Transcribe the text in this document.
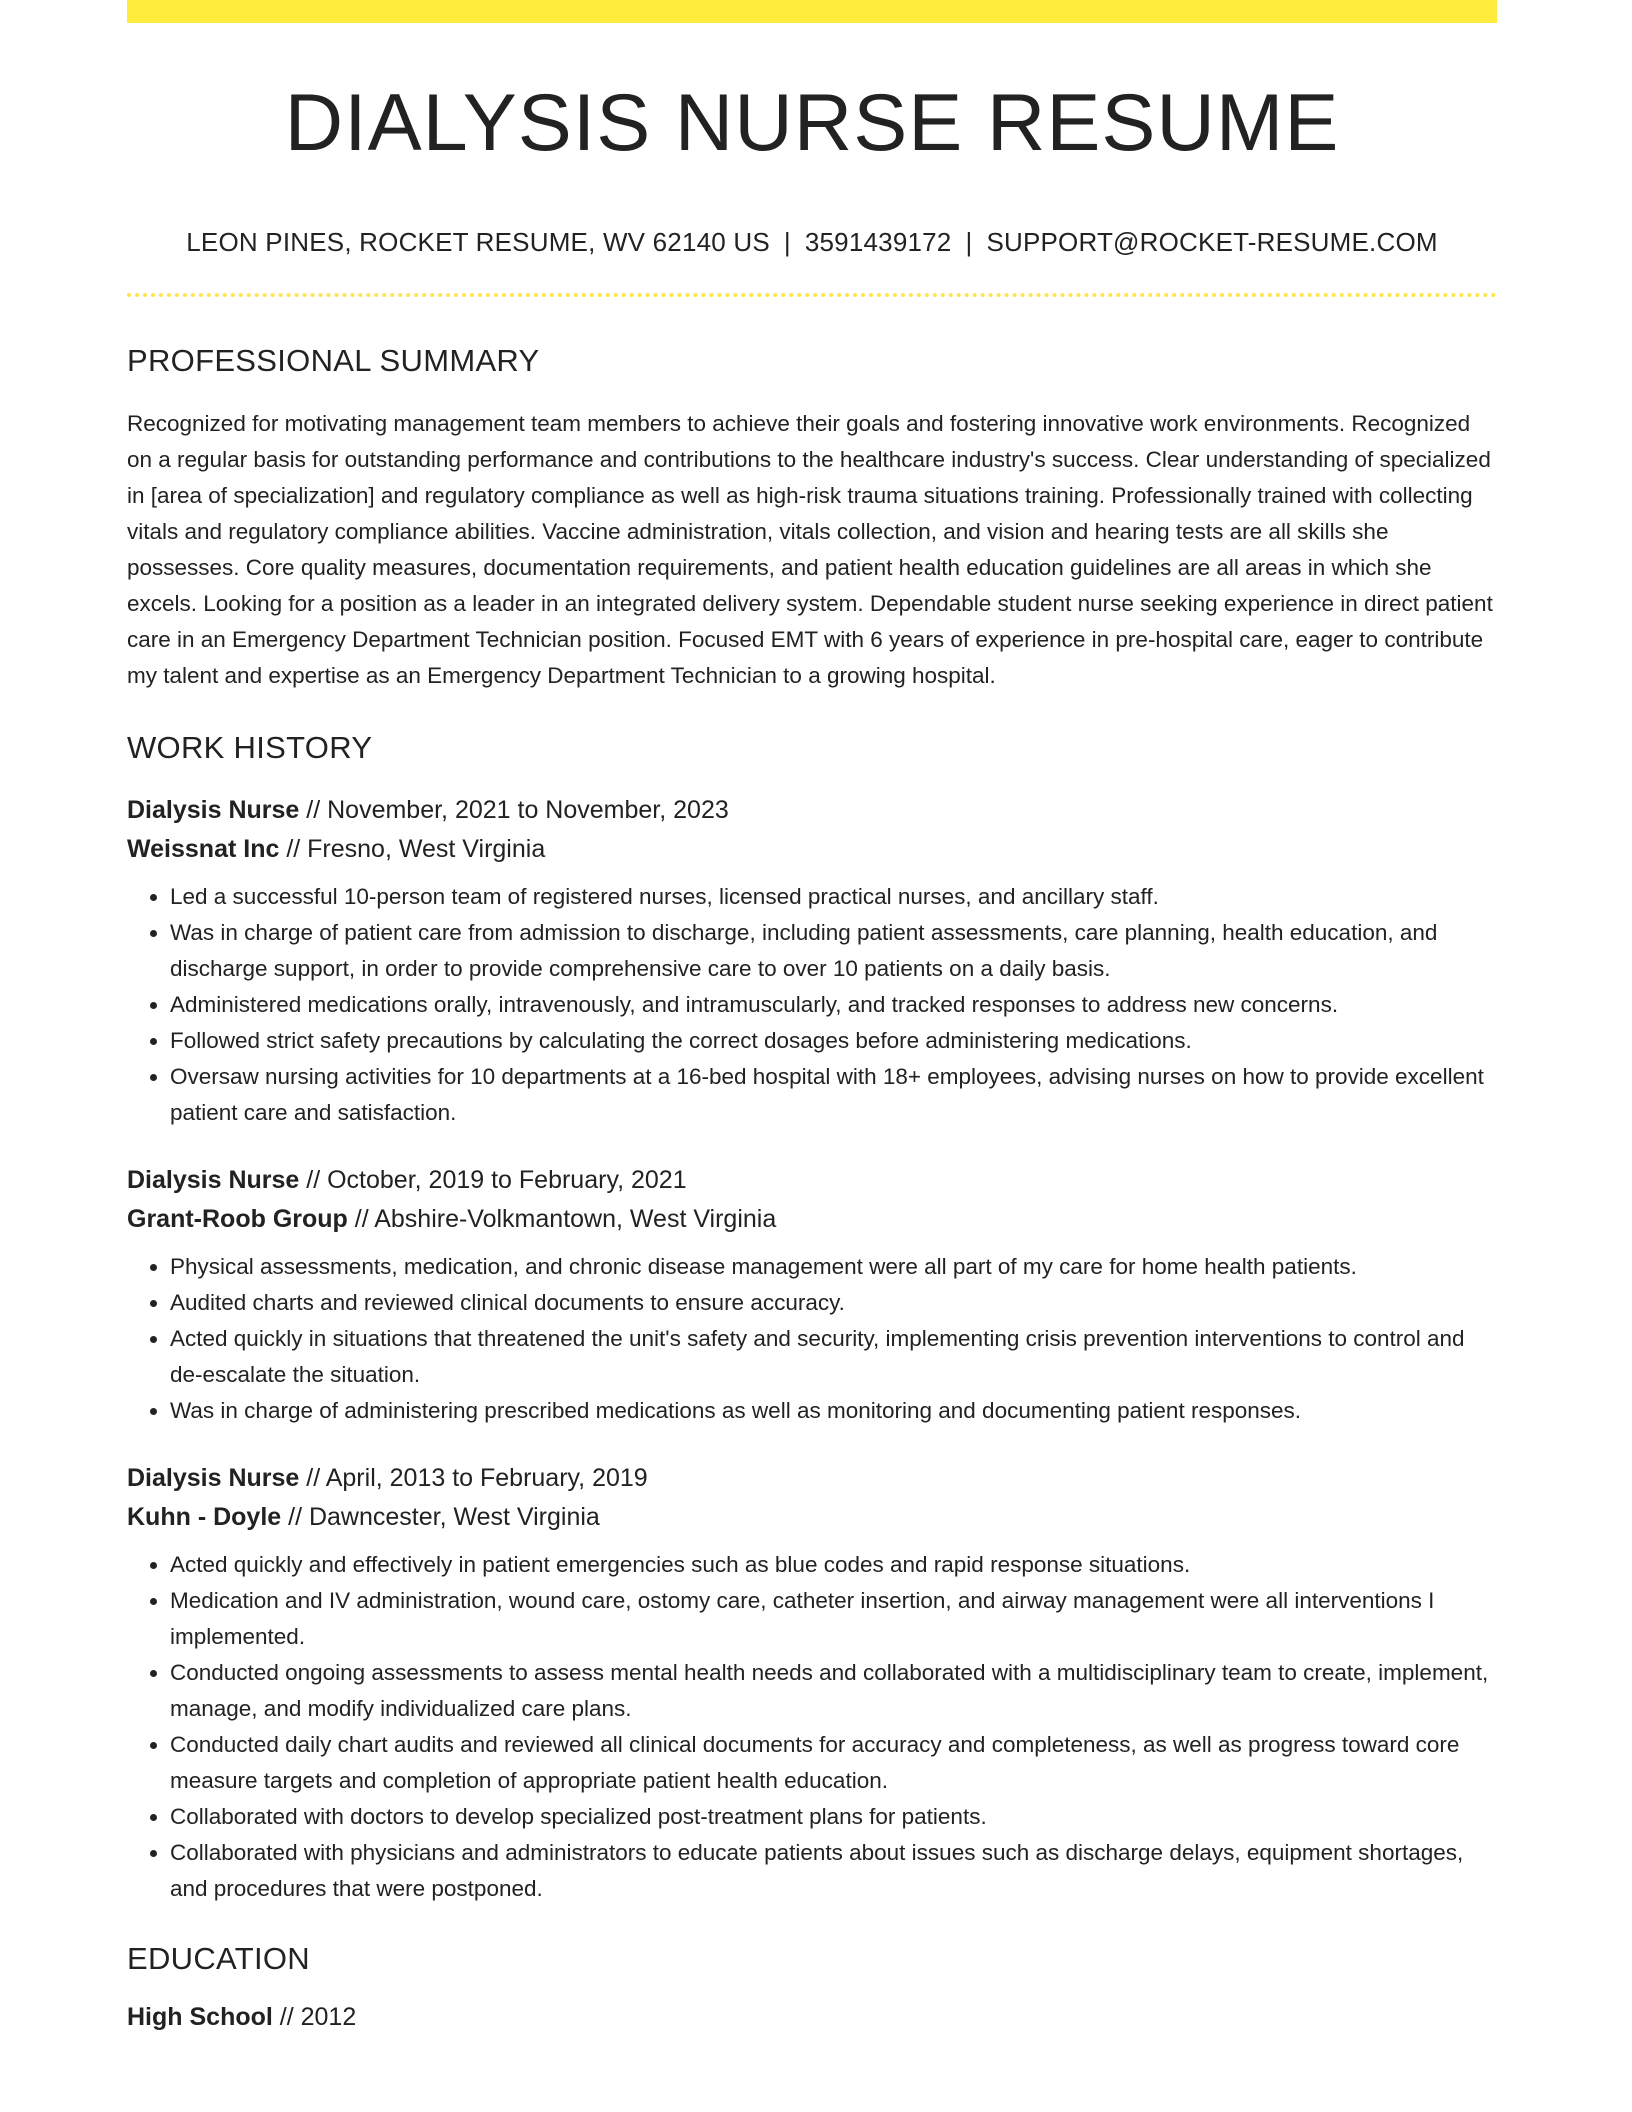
DIALYSIS NURSE RESUME
LEON PINES, ROCKET RESUME, WV 62140 US | 3591439172 | SUPPORT@ROCKET-RESUME.COM
PROFESSIONAL SUMMARY
Recognized for motivating management team members to achieve their goals and fostering innovative work environments. Recognized on a regular basis for outstanding performance and contributions to the healthcare industry's success. Clear understanding of specialized in [area of specialization] and regulatory compliance as well as high-risk trauma situations training. Professionally trained with collecting vitals and regulatory compliance abilities. Vaccine administration, vitals collection, and vision and hearing tests are all skills she possesses. Core quality measures, documentation requirements, and patient health education guidelines are all areas in which she excels. Looking for a position as a leader in an integrated delivery system. Dependable student nurse seeking experience in direct patient care in an Emergency Department Technician position. Focused EMT with 6 years of experience in pre-hospital care, eager to contribute my talent and expertise as an Emergency Department Technician to a growing hospital.
WORK HISTORY
Dialysis Nurse // November, 2021 to November, 2023
Weissnat Inc // Fresno, West Virginia
• Led a successful 10-person team of registered nurses, licensed practical nurses, and ancillary staff.
• Was in charge of patient care from admission to discharge, including patient assessments, care planning, health education, and discharge support, in order to provide comprehensive care to over 10 patients on a daily basis.
• Administered medications orally, intravenously, and intramuscularly, and tracked responses to address new concerns.
• Followed strict safety precautions by calculating the correct dosages before administering medications.
• Oversaw nursing activities for 10 departments at a 16-bed hospital with 18+ employees, advising nurses on how to provide excellent patient care and satisfaction.
Dialysis Nurse // October, 2019 to February, 2021
Grant-Roob Group // Abshire-Volkmantown, West Virginia
• Physical assessments, medication, and chronic disease management were all part of my care for home health patients.
• Audited charts and reviewed clinical documents to ensure accuracy.
• Acted quickly in situations that threatened the unit's safety and security, implementing crisis prevention interventions to control and de-escalate the situation.
• Was in charge of administering prescribed medications as well as monitoring and documenting patient responses.
Dialysis Nurse // April, 2013 to February, 2019
Kuhn - Doyle // Dawncester, West Virginia
• Acted quickly and effectively in patient emergencies such as blue codes and rapid response situations.
• Medication and IV administration, wound care, ostomy care, catheter insertion, and airway management were all interventions I implemented.
• Conducted ongoing assessments to assess mental health needs and collaborated with a multidisciplinary team to create, implement, manage, and modify individualized care plans.
• Conducted daily chart audits and reviewed all clinical documents for accuracy and completeness, as well as progress toward core measure targets and completion of appropriate patient health education.
• Collaborated with doctors to develop specialized post-treatment plans for patients.
• Collaborated with physicians and administrators to educate patients about issues such as discharge delays, equipment shortages, and procedures that were postponed.
EDUCATION
High School // 2012
